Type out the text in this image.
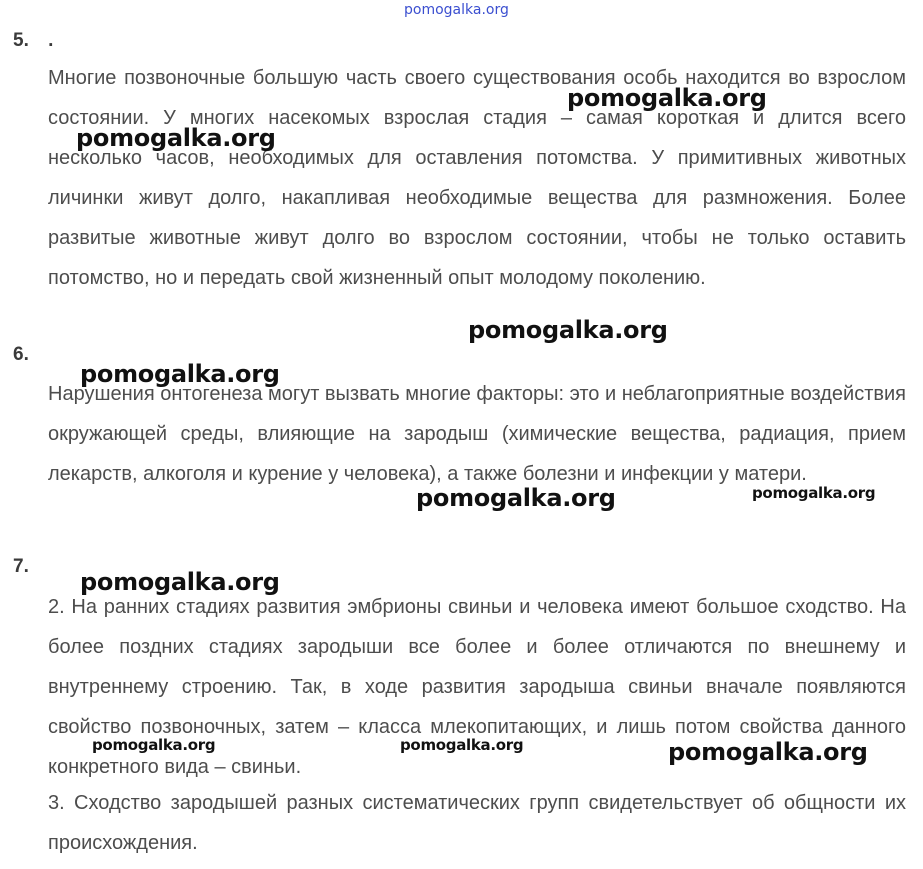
pomogalka.org
5. .
Многие позвоночные большую часть своего существования особь находится во взрослом состоянии. У многих насекомых взрослая стадия – самая короткая и длится всего несколько часов, необходимых для оставления потомства. У примитивных животных личинки живут долго, накапливая необходимые вещества для размножения. Более развитые животные живут долго во взрослом состоянии, чтобы не только оставить потомство, но и передать свой жизненный опыт молодому поколению.
6.
Нарушения онтогенеза могут вызвать многие факторы: это и неблагоприятные воздействия окружающей среды, влияющие на зародыш (химические вещества, радиация, прием лекарств, алкоголя и курение у человека), а также болезни и инфекции у матери.
7.
2. На ранних стадиях развития эмбрионы свиньи и человека имеют большое сходство. На более поздних стадиях зародыши все более и более отличаются по внешнему и внутреннему строению. Так, в ходе развития зародыша свиньи вначале появляются свойство позвоночных, затем – класса млекопитающих, и лишь потом свойства данного конкретного вида – свиньи.
3. Сходство зародышей разных систематических групп свидетельствует об общности их происхождения.
pomogalka.org
pomogalka.org
pomogalka.org
pomogalka.org
pomogalka.org	pomogalka.org
pomogalka.org
pomogalka.org	pomogalka.org	pomogalka.org
